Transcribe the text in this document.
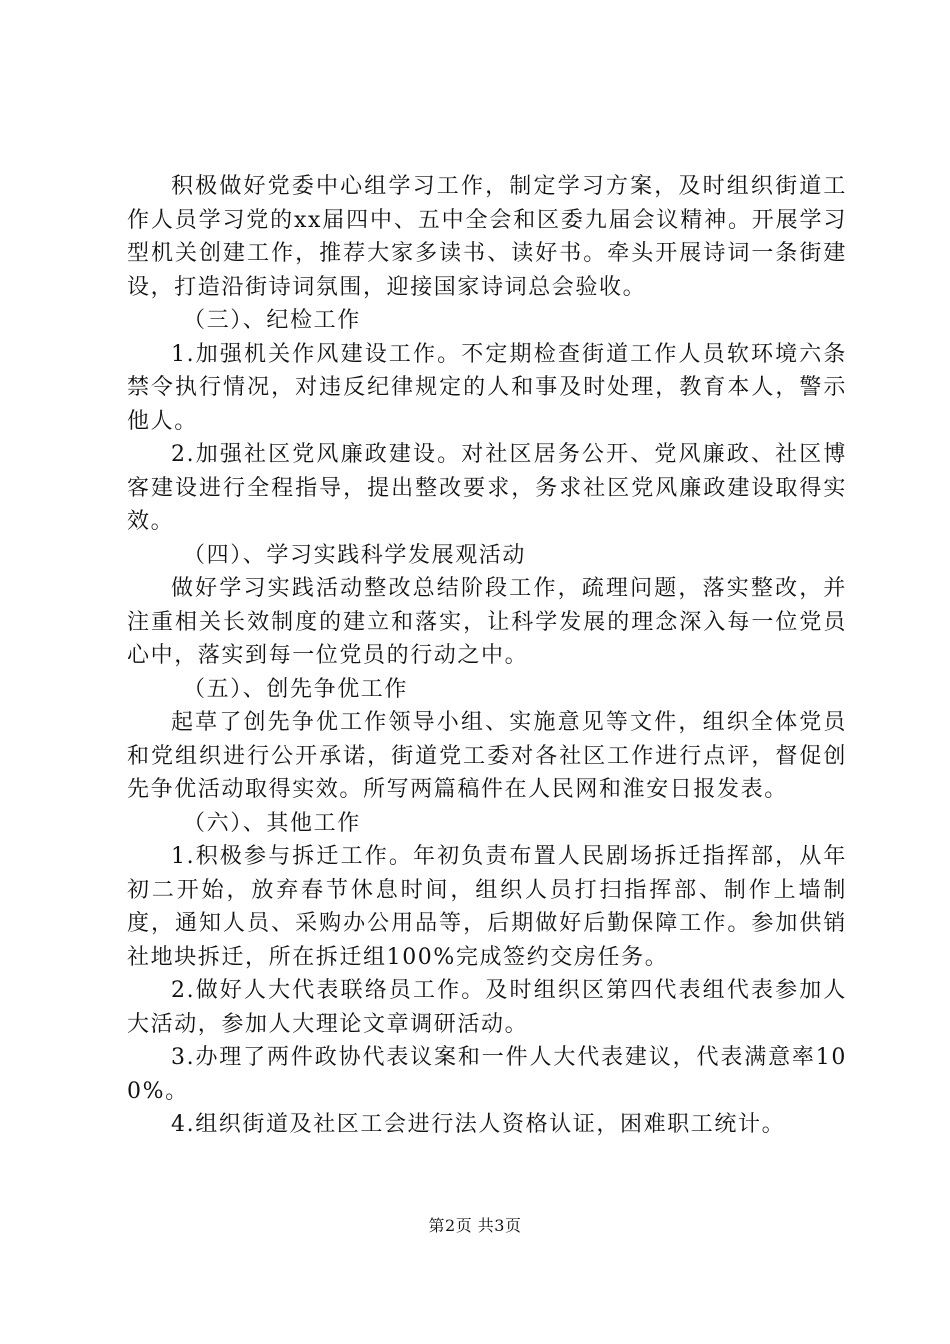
积极做好党委中心组学习工作，制定学习方案，及时组织街道工作人员学习党的xx届四中、五中全会和区委九届会议精神。开展学习型机关创建工作，推荐大家多读书、读好书。牵头开展诗词一条街建设，打造沿街诗词氛围，迎接国家诗词总会验收。

（三）、纪检工作

1.加强机关作风建设工作。不定期检查街道工作人员软环境六条禁令执行情况，对违反纪律规定的人和事及时处理，教育本人，警示他人。

2.加强社区党风廉政建设。对社区居务公开、党风廉政、社区博客建设进行全程指导，提出整改要求，务求社区党风廉政建设取得实效。

（四）、学习实践科学发展观活动

做好学习实践活动整改总结阶段工作，疏理问题，落实整改，并注重相关长效制度的建立和落实，让科学发展的理念深入每一位党员心中，落实到每一位党员的行动之中。

（五）、创先争优工作

起草了创先争优工作领导小组、实施意见等文件，组织全体党员和党组织进行公开承诺，街道党工委对各社区工作进行点评，督促创先争优活动取得实效。所写两篇稿件在人民网和淮安日报发表。

（六）、其他工作

1.积极参与拆迁工作。年初负责布置人民剧场拆迁指挥部，从年初二开始，放弃春节休息时间，组织人员打扫指挥部、制作上墙制度，通知人员、采购办公用品等，后期做好后勤保障工作。参加供销社地块拆迁，所在拆迁组100%完成签约交房任务。

2.做好人大代表联络员工作。及时组织区第四代表组代表参加人大活动，参加人大理论文章调研活动。

3.办理了两件政协代表议案和一件人大代表建议，代表满意率100%。

4.组织街道及社区工会进行法人资格认证，困难职工统计。

第2页 共3页
